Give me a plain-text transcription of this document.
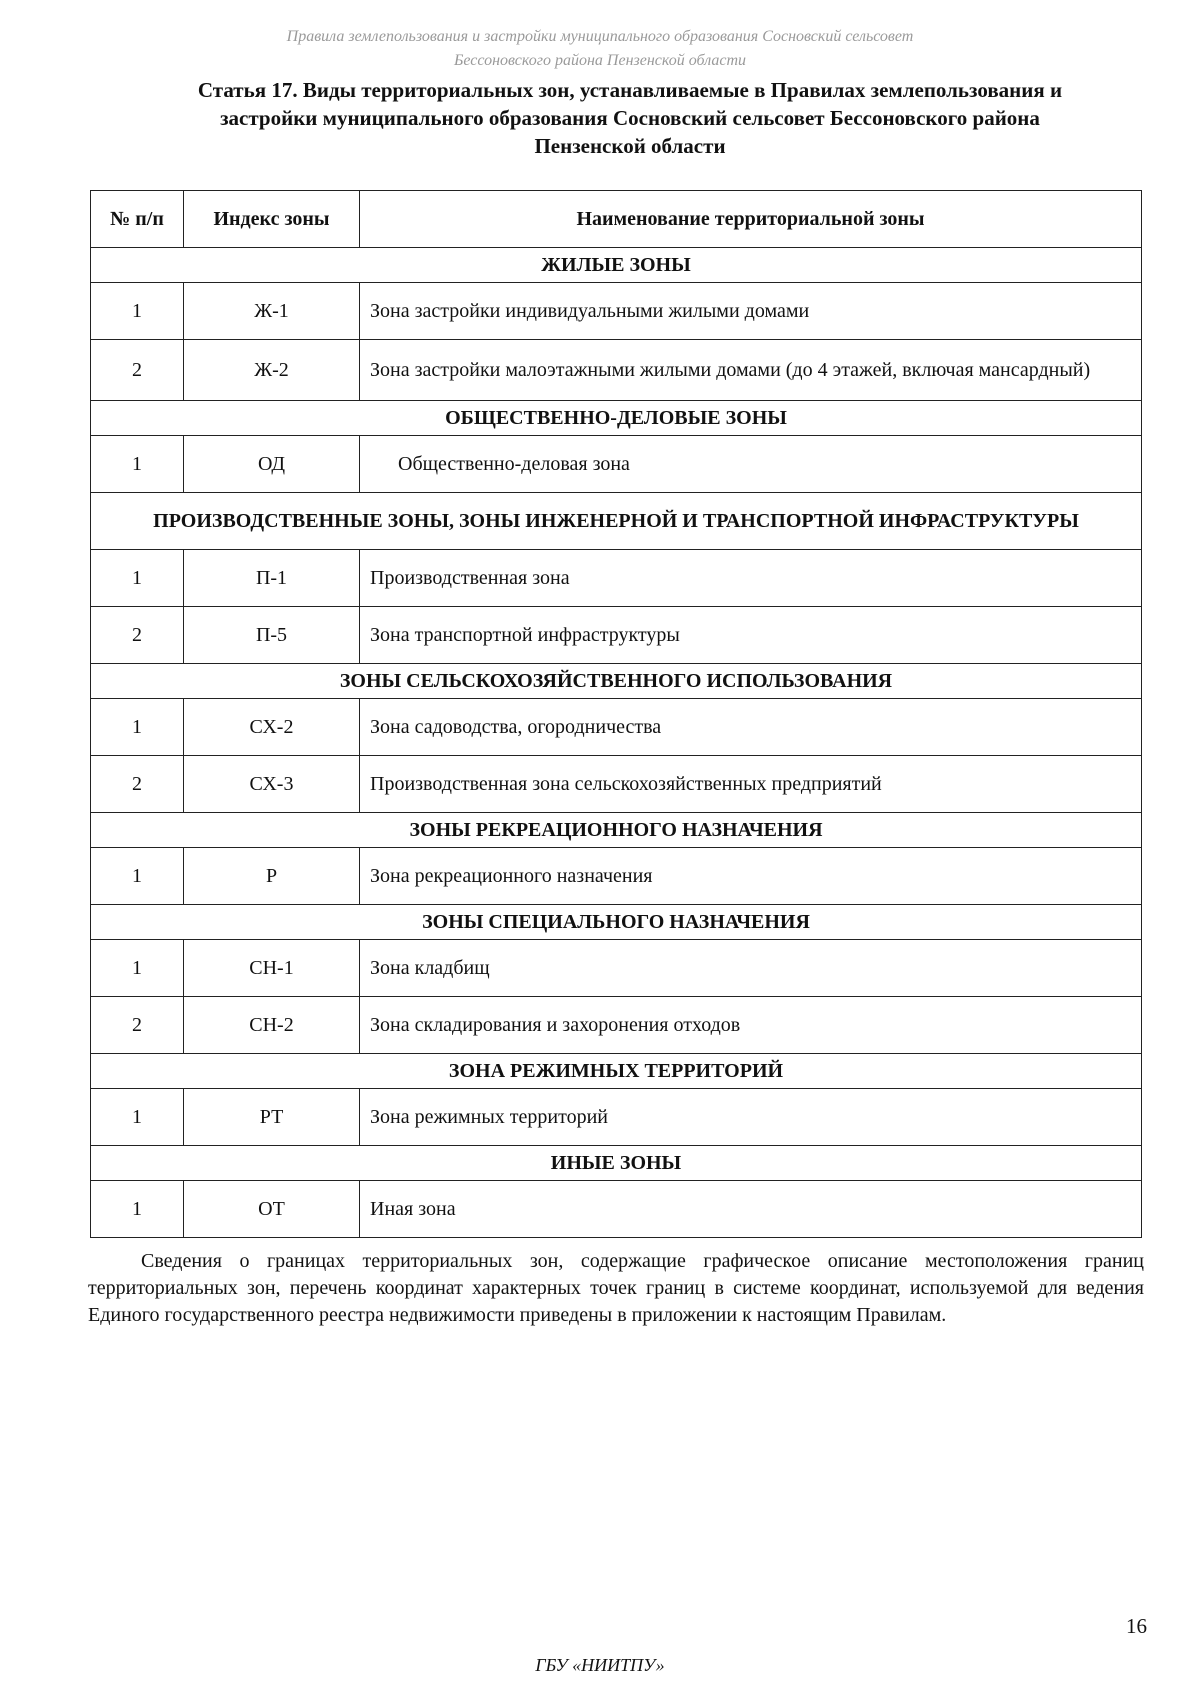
Правила землепользования и застройки муниципального образования Сосновский сельсовет
Бессоновского района Пензенской области
Статья 17. Виды территориальных зон, устанавливаемые в Правилах землепользования и
застройки муниципального образования Сосновский сельсовет Бессоновского района
Пензенской области
№ п/п	Индекс зоны	Наименование территориальной зоны
ЖИЛЫЕ ЗОНЫ		
1	Ж-1	Зона застройки индивидуальными жилыми домами
2	Ж-2	Зона застройки малоэтажными жилыми домами (до 4 этажей, включая мансардный)
ОБЩЕСТВЕННО-ДЕЛОВЫЕ ЗОНЫ		
1	ОД	Общественно-деловая зона
ПРОИЗВОДСТВЕННЫЕ ЗОНЫ, ЗОНЫ ИНЖЕНЕРНОЙ И ТРАНСПОРТНОЙ ИНФРАСТРУКТУРЫ		
1	П-1	Производственная зона
2	П-5	Зона транспортной инфраструктуры
ЗОНЫ СЕЛЬСКОХОЗЯЙСТВЕННОГО ИСПОЛЬЗОВАНИЯ		
1	СХ-2	Зона садоводства, огородничества
2	СХ-3	Производственная зона сельскохозяйственных предприятий
ЗОНЫ РЕКРЕАЦИОННОГО НАЗНАЧЕНИЯ		
1	Р	Зона рекреационного назначения
ЗОНЫ СПЕЦИАЛЬНОГО НАЗНАЧЕНИЯ		
1	СН-1	Зона кладбищ
2	СН-2	Зона складирования и захоронения отходов
ЗОНА РЕЖИМНЫХ ТЕРРИТОРИЙ		
1	РТ	Зона режимных территорий
ИНЫЕ ЗОНЫ		
1	ОТ	Иная зона
Сведения о границах территориальных зон, содержащие графическое описание местоположения границ территориальных зон, перечень координат характерных точек границ в системе координат, используемой для ведения Единого государственного реестра недвижимости приведены в приложении к настоящим Правилам.
16
ГБУ «НИИТПУ»
